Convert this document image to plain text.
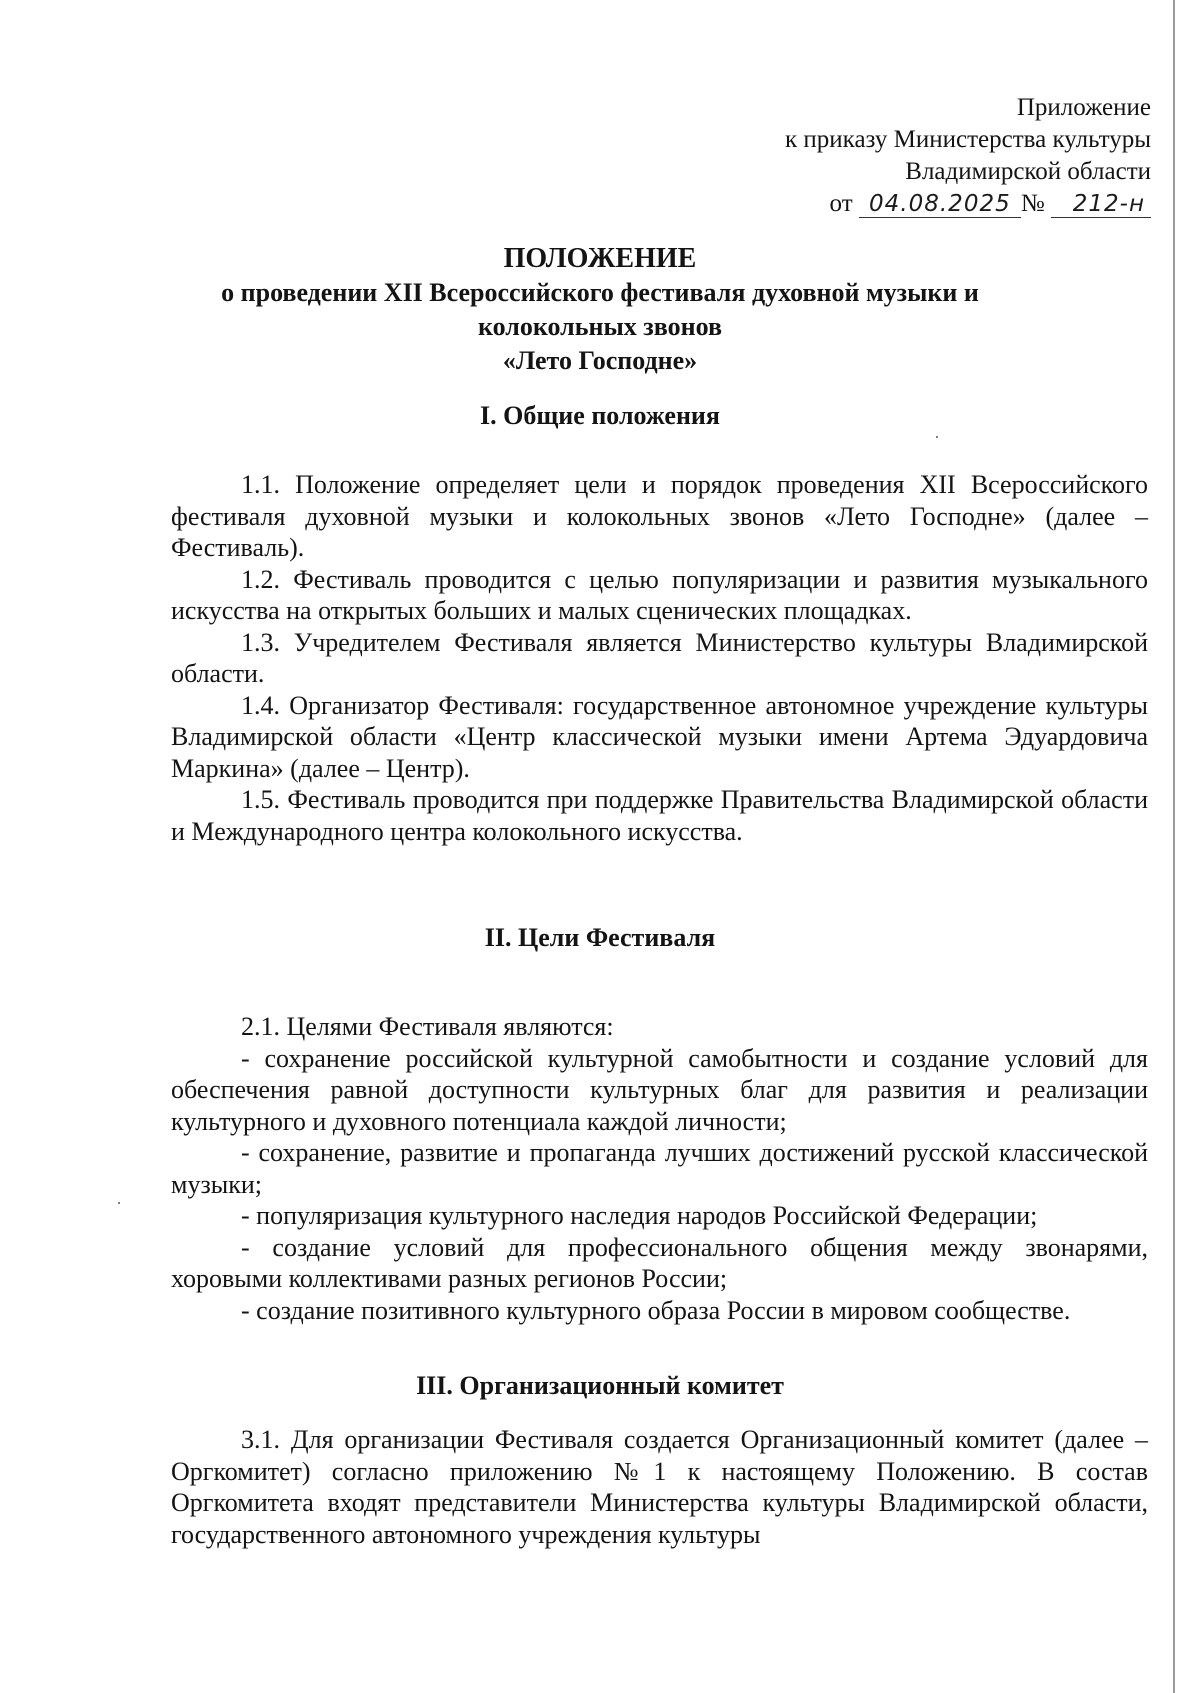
Приложение
к приказу Министерства культуры
Владимирской области
от 04.08.2025 № 212-н
ПОЛОЖЕНИЕ
о проведении XII Всероссийского фестиваля духовной музыки и
колокольных звонов
«Лето Господне»
I. Общие положения

1.1. Положение определяет цели и порядок проведения XII Всероссийского фестиваля духовной музыки и колокольных звонов «Лето Господне» (далее – Фестиваль).

1.2. Фестиваль проводится с целью популяризации и развития музыкального искусства на открытых больших и малых сценических площадках.

1.3. Учредителем Фестиваля является Министерство культуры Владимирской области.

1.4. Организатор Фестиваля: государственное автономное учреждение культуры Владимирской области «Центр классической музыки имени Артема Эдуардовича Маркина» (далее – Центр).

1.5. Фестиваль проводится при поддержке Правительства Владимирской области и Международного центра колокольного искусства.

II. Цели Фестиваля

2.1. Целями Фестиваля являются:

- сохранение российской культурной самобытности и создание условий для обеспечения равной доступности культурных благ для развития и реализации культурного и духовного потенциала каждой личности;

- сохранение, развитие и пропаганда лучших достижений русской классической музыки;

- популяризация культурного наследия народов Российской Федерации;

- создание условий для профессионального общения между звонарями, хоровыми коллективами разных регионов России;

- создание позитивного культурного образа России в мировом сообществе.

III. Организационный комитет

3.1. Для организации Фестиваля создается Организационный комитет (далее – Оргкомитет) согласно приложению №1 к настоящему Положению. В состав Оргкомитета входят представители Министерства культуры Владимирской области, государственного автономного учреждения культуры
